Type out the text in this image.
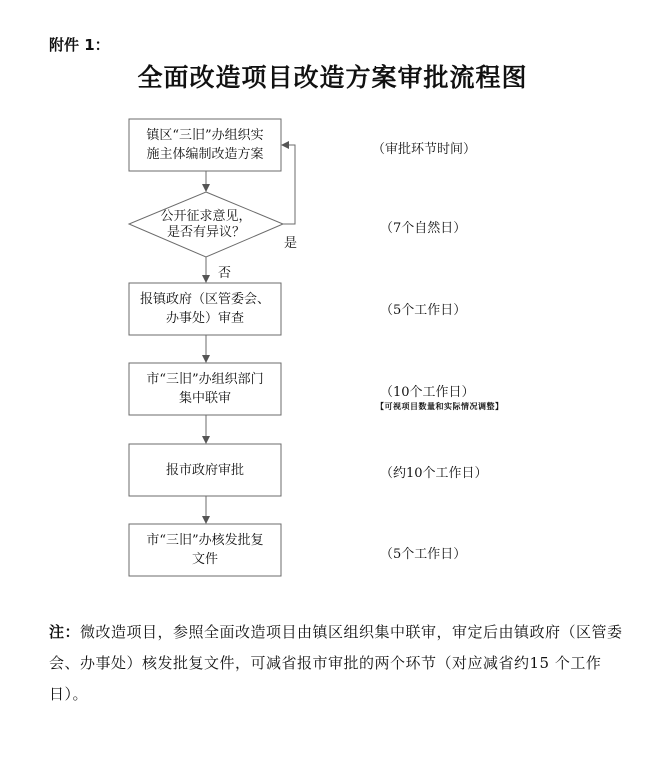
附件 1：
全面改造项目改造方案审批流程图
镇区“三旧”办组织实
施主体编制改造方案
公开征求意见，
是否有异议？
报镇政府（区管委会、
办事处）审查
市“三旧”办组织部门
集中联审
报市政府审批
市“三旧”办核发批复
文件
是
否
（审批环节时间）
（7个自然日）
（5个工作日）
（10个工作日）
【可视项目数量和实际情况调整】
（约10个工作日）
（5个工作日）
注：微改造项目，参照全面改造项目由镇区组织集中联审，审定后由镇政府（区管委会、办事处）核发批复文件，可减省报市审批的两个环节（对应减省约15 个工作日）。
